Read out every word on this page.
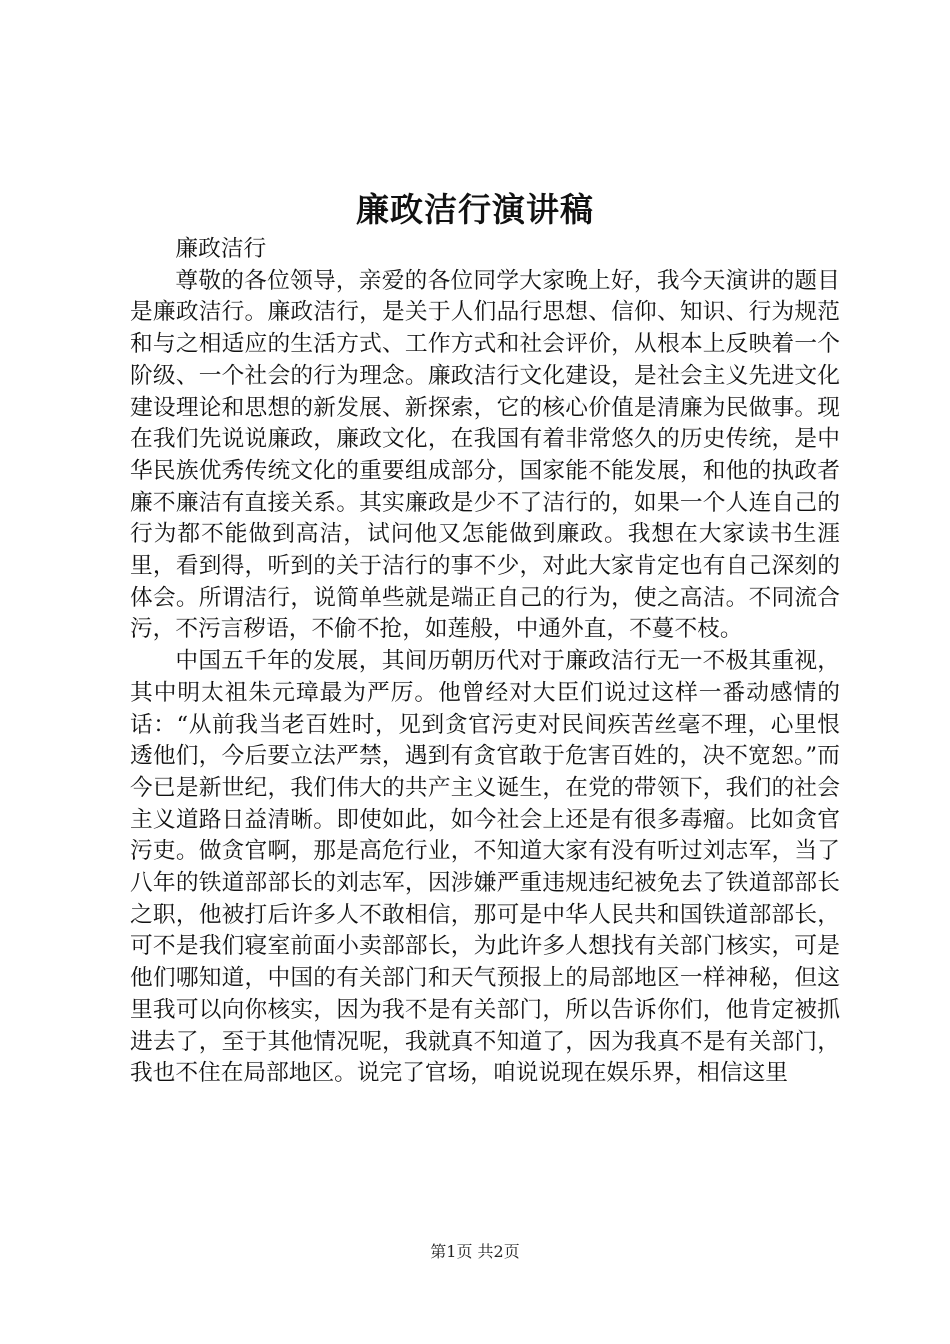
廉政洁行演讲稿

廉政洁行

尊敬的各位领导，亲爱的各位同学大家晚上好，我今天演讲的题目是廉政洁行。廉政洁行，是关于人们品行思想、信仰、知识、行为规范和与之相适应的生活方式、工作方式和社会评价，从根本上反映着一个阶级、一个社会的行为理念。廉政洁行文化建设，是社会主义先进文化建设理论和思想的新发展、新探索，它的核心价值是清廉为民做事。现在我们先说说廉政，廉政文化，在我国有着非常悠久的历史传统，是中华民族优秀传统文化的重要组成部分，国家能不能发展，和他的执政者廉不廉洁有直接关系。其实廉政是少不了洁行的，如果一个人连自己的行为都不能做到高洁，试问他又怎能做到廉政。我想在大家读书生涯里，看到得，听到的关于洁行的事不少，对此大家肯定也有自己深刻的体会。所谓洁行，说简单些就是端正自己的行为，使之高洁。不同流合污，不污言秽语，不偷不抢，如莲般，中通外直，不蔓不枝。

中国五千年的发展，其间历朝历代对于廉政洁行无一不极其重视，其中明太祖朱元璋最为严厉。他曾经对大臣们说过这样一番动感情的话：“从前我当老百姓时，见到贪官污吏对民间疾苦丝毫不理，心里恨透他们，今后要立法严禁，遇到有贪官敢于危害百姓的，决不宽恕。”而今已是新世纪，我们伟大的共产主义诞生，在党的带领下，我们的社会主义道路日益清晰。即使如此，如今社会上还是有很多毒瘤。比如贪官污吏。做贪官啊，那是高危行业，不知道大家有没有听过刘志军，当了八年的铁道部部长的刘志军，因涉嫌严重违规违纪被免去了铁道部部长之职，他被打后许多人不敢相信，那可是中华人民共和国铁道部部长，可不是我们寝室前面小卖部部长，为此许多人想找有关部门核实，可是他们哪知道，中国的有关部门和天气预报上的局部地区一样神秘，但这里我可以向你核实，因为我不是有关部门，所以告诉你们，他肯定被抓进去了，至于其他情况呢，我就真不知道了，因为我真不是有关部门，我也不住在局部地区。说完了官场，咱说说现在娱乐界，相信这里

第1页 共2页
